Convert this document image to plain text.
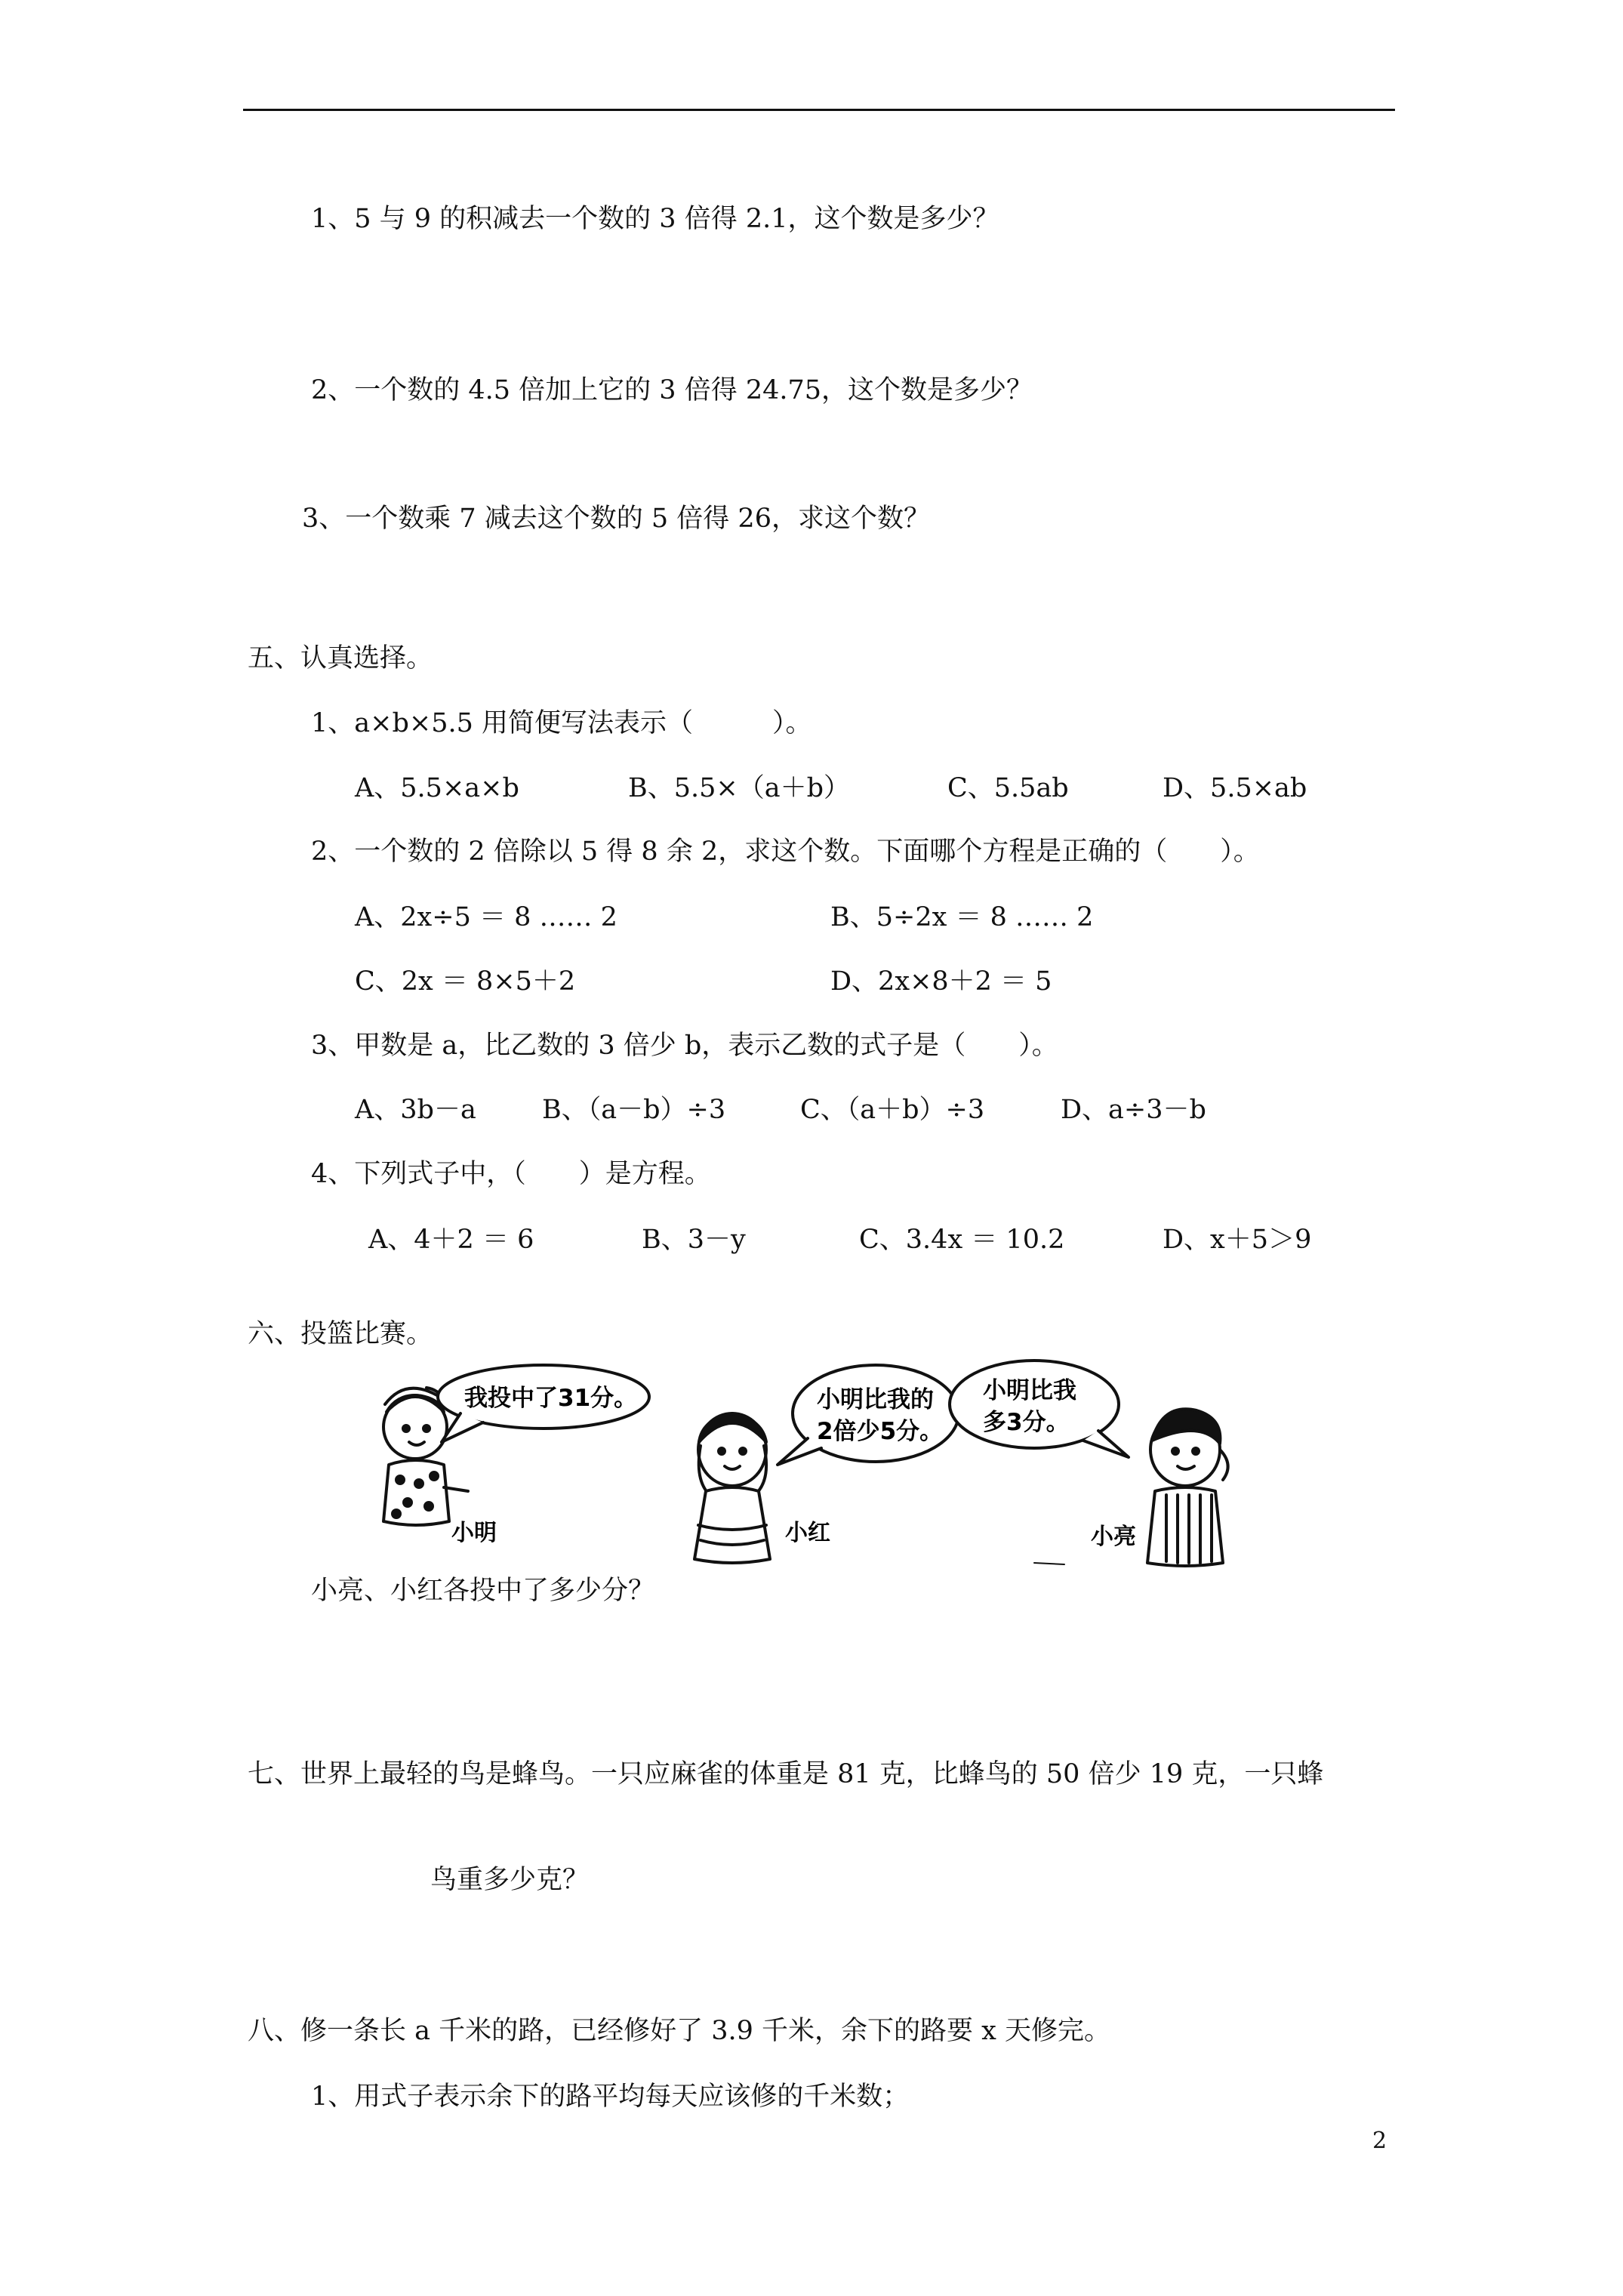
1、5 与 9 的积减去一个数的 3 倍得 2.1，这个数是多少？
2、一个数的 4.5 倍加上它的 3 倍得 24.75，这个数是多少？
3、一个数乘 7 减去这个数的 5 倍得 26，求这个数？
五、认真选择。
1、a×b×5.5 用简便写法表示（　　　）。
A、5.5×a×b	B、5.5×（a＋b）	C、5.5ab	D、5.5×ab
2、一个数的 2 倍除以 5 得 8 余 2，求这个数。下面哪个方程是正确的（　　）。
A、2x÷5 ＝ 8 …… 2	B、5÷2x ＝ 8 …… 2
C、2x ＝ 8×5＋2	D、2x×8＋2 ＝ 5
3、甲数是 a，比乙数的 3 倍少 b，表示乙数的式子是（　　）。
A、3b－a B、（a－b）÷3	C、（a＋b）÷3	D、a÷3－b
4、下列式子中，（　　）是方程。
A、4＋2 ＝ 6	B、3－y	C、3.4x ＝ 10.2	D、x＋5＞9
六、投篮比赛。
我投中了31分。	小明比我的
2倍少5分。
小明比我
多3分。
小明	小红	小亮
小亮、小红各投中了多少分？
七、世界上最轻的鸟是蜂鸟。一只应麻雀的体重是 81 克，比蜂鸟的 50 倍少 19 克，一只蜂
鸟重多少克？
八、修一条长 a 千米的路，已经修好了 3.9 千米，余下的路要 x 天修完。
1、用式子表示余下的路平均每天应该修的千米数；
2
